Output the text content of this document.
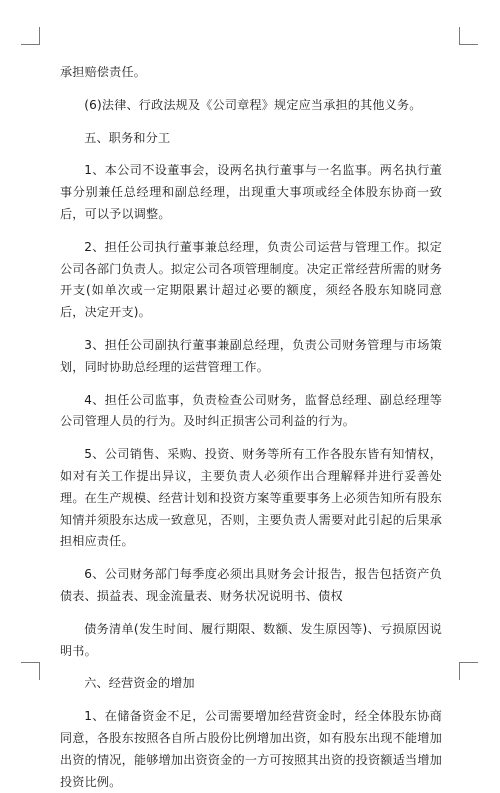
承担赔偿责任。

(6)法律、行政法规及《公司章程》规定应当承担的其他义务。

五、职务和分工

1、本公司不设董事会，设两名执行董事与一名监事。两名执行董事分别兼任总经理和副总经理，出现重大事项或经全体股东协商一致后，可以予以调整。

2、担任公司执行董事兼总经理，负责公司运营与管理工作。拟定公司各部门负责人。拟定公司各项管理制度。决定正常经营所需的财务开支(如单次或一定期限累计超过必要的额度，须经各股东知晓同意后，决定开支)。

3、担任公司副执行董事兼副总经理，负责公司财务管理与市场策划，同时协助总经理的运营管理工作。

4、担任公司监事，负责检查公司财务，监督总经理、副总经理等公司管理人员的行为。及时纠正损害公司利益的行为。

5、公司销售、采购、投资、财务等所有工作各股东皆有知情权，如对有关工作提出异议，主要负责人必须作出合理解释并进行妥善处理。在生产规模、经营计划和投资方案等重要事务上必须告知所有股东知情并须股东达成一致意见，否则，主要负责人需要对此引起的后果承担相应责任。

6、公司财务部门每季度必须出具财务会计报告，报告包括资产负债表、损益表、现金流量表、财务状况说明书、债权

债务清单(发生时间、履行期限、数额、发生原因等)、亏损原因说明书。

六、经营资金的增加

1、在储备资金不足，公司需要增加经营资金时，经全体股东协商同意，各股东按照各自所占股份比例增加出资，如有股东出现不能增加出资的情况，能够增加出资资金的一方可按照其出资的投资额适当增加投资比例。
